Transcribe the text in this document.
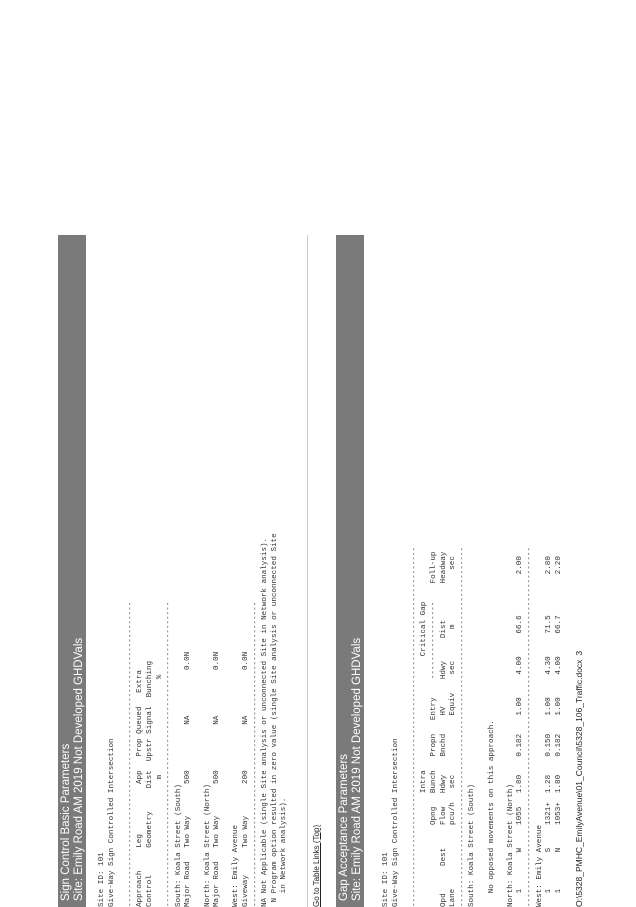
Sign Control Basic Parameters Site: Emily Road AM 2019 Not Developed GHDVals Site ID: 101
Give-Way Sign Controlled Intersection

-------------------------------------------------------------------
Approach     Leg           App   Prop Queued   Extra
Control      Geometry     Dist  Upstr Signal  Bunching
m                     %
-------------------------------------------------------------------
South: Koala Street (South)
Major Road   Two Way       500          NA          0.0N

North: Koala Street (North)
Major Road   Two Way       500          NA          0.0N

West: Emily Avenue
Giveway      Two Way       200          NA          0.0N
-------------------------------------------------------------------
NA Not Applicable (single Site analysis or unconnected Site in Network analysis).
N Program option resulted in zero value (single Site analysis or unconnected Site
in Network analysis).
Go to Table Links (Top) Gap Acceptance Parameters Site: Emily Road AM 2019 Not Developed GHDVals	Site ID: 101
Give-Way Sign Controlled Intersection

-------------------------------------------------------------------------------
Intra                         Critical Gap
Opng   Bunch   Propn   Entry    -----------------    Foll-up
Opd      Dest     Flow   Hdwy    Bnchd    HV      Hdwy     Dist        Headway
Lane              pcu/h   sec             Equiv    sec       m            sec
-------------------------------------------------------------------------------
South: Koala Street (South)

No opposed movements on this approach.

North: Koala Street (North)
1        W     1055   1.80    0.182    1.00     4.00     66.6         2.00
-------------------------------------------------------------------------------
West: Emily Avenue
1        S     1321+  1.28    0.150    1.00     4.30     71.5         2.80
1        N     1053+  1.80    0.182    1.00     4.00     66.7         2.20
O:\5328_PMHC_EmilyAvenue\01_Council\5328_106_Traffic.docx3
